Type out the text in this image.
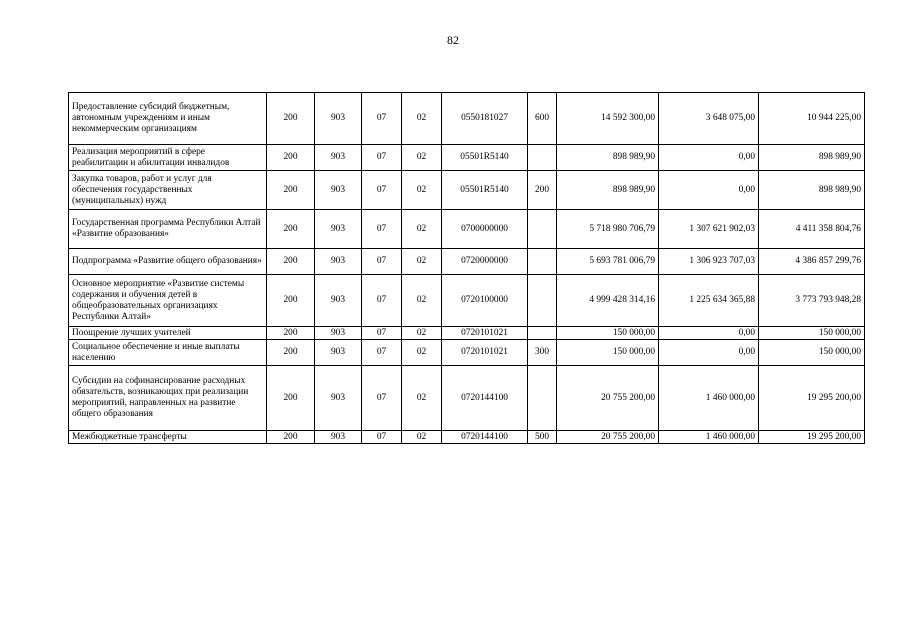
82
Предоставление субсидий бюджетным, автономным учреждениям и иным некоммерческим организациям	200	903	07	02	0550181027	600	14 592 300,00	3 648 075,00	10 944 225,00
Реализация мероприятий в сфере реабилитации и абилитации инвалидов	200	903	07	02	05501R5140		898 989,90	0,00	898 989,90
Закупка товаров, работ и услуг для обеспечения государственных (муниципальных) нужд	200	903	07	02	05501R5140	200	898 989,90	0,00	898 989,90
Государственная программа Республики Алтай «Развитие образования»	200	903	07	02	0700000000		5 718 980 706,79	1 307 621 902,03	4 411 358 804,76
Подпрограмма «Развитие общего образования»	200	903	07	02	0720000000		5 693 781 006,79	1 306 923 707,03	4 386 857 299,76
Основное мероприятие «Развитие системы содержания и обучения детей в общеобразовательных организациях Республики Алтай»	200	903	07	02	0720100000		4 999 428 314,16	1 225 634 365,88	3 773 793 948,28
Поощрение лучших учителей	200	903	07	02	0720101021		150 000,00	0,00	150 000,00
Социальное обеспечение и иные выплаты населению	200	903	07	02	0720101021	300	150 000,00	0,00	150 000,00
Субсидии на софинансирование расходных обязательств, возникающих при реализации мероприятий, направленных на развитие общего образования	200	903	07	02	0720144100		20 755 200,00	1 460 000,00	19 295 200,00
Межбюджетные трансферты	200	903	07	02	0720144100	500	20 755 200,00	1 460 000,00	19 295 200,00
